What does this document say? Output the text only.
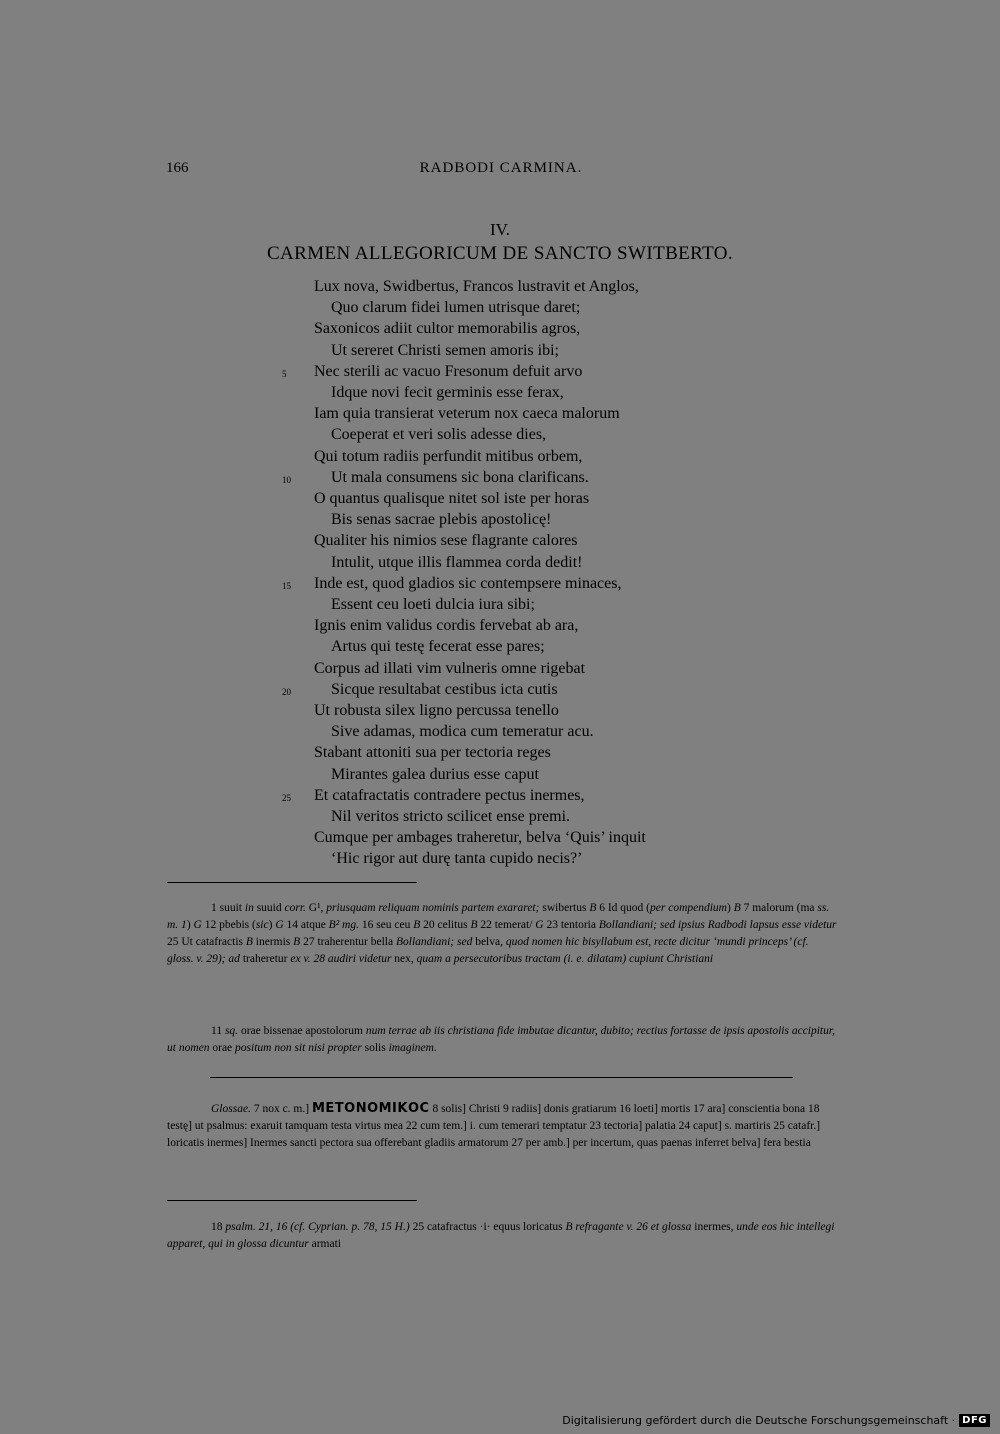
166	RADBODI CARMINA.
IV.
CARMEN ALLEGORICUM DE SANCTO SWITBERTO.
Lux nova, Swidbertus, Francos lustravit et Anglos,
Quo clarum fidei lumen utrisque daret;
Saxonicos adiit cultor memorabilis agros,
Ut sereret Christi semen amoris ibi;
Nec sterili ac vacuo Fresonum defuit arvo
Idque novi fecit germinis esse ferax,
Iam quia transierat veterum nox caeca malorum
Coeperat et veri solis adesse dies,
Qui totum radiis perfundit mitibus orbem,
Ut mala consumens sic bona clarificans.
O quantus qualisque nitet sol iste per horas
Bis senas sacrae plebis apostolicę!
Qualiter his nimios sese flagrante calores
Intulit, utque illis flammea corda dedit!
Inde est, quod gladios sic contempsere minaces,
Essent ceu loeti dulcia iura sibi;
Ignis enim validus cordis fervebat ab ara,
Artus qui testę fecerat esse pares;
Corpus ad illati vim vulneris omne rigebat
Sicque resultabat cestibus icta cutis
Ut robusta silex ligno percussa tenello
Sive adamas, modica cum temeratur acu.
Stabant attoniti sua per tectoria reges
Mirantes galea durius esse caput
Et catafractatis contradere pectus inermes,
Nil veritos stricto scilicet ense premi.
Cumque per ambages traheretur, belva ‘Quis’ inquit
‘Hic rigor aut durę tanta cupido necis?’
5
10
15
20
25
1 suuit in suuid corr. G¹, priusquam reliquam nominis partem exararet; swibertus B 6 Id quod (per compendium) B 7 malorum (ma ss. m. 1) G 12 pbebis (sic) G 14 atque B² mg. 16 seu ceu B 20 celitus B 22 temerat/ G 23 tentoria Bollandiani; sed ipsius Radbodi lapsus esse videtur 25 Ut catafractis B inermis B 27 traherentur bella Bollandiani; sed belva, quod nomen hic bisyllabum est, recte dicitur ‘mundi princeps’ (cf. gloss. v. 29); ad traheretur ex v. 28 audiri videtur nex, quam a persecutoribus tractam (i. e. dilatam) cupiunt Christiani
11 sq. orae bissenae apostolorum num terrae ab iis christiana fide imbutae dicantur, dubito; rectius fortasse de ipsis apostolis accipitur, ut nomen orae positum non sit nisi propter solis imaginem.
Glossae. 7 nox c. m.] ΜΕΤΟΝΟΜΙΚΟC 8 solis] Christi 9 radiis] donis gratiarum 16 loeti] mortis 17 ara] conscientia bona 18 testę] ut psalmus: exaruit tamquam testa virtus mea 22 cum tem.] i. cum temerari temptatur 23 tectoria] palatia 24 caput] s. martiris 25 catafr.] loricatis inermes] Inermes sancti pectora sua offerebant gladiis armatorum 27 per amb.] per incertum, quas paenas inferret belva] fera bestia
18 psalm. 21, 16 (cf. Cyprian. p. 78, 15 H.) 25 catafractus ·i· equus loricatus B refragante v. 26 et glossa inermes, unde eos hic intellegi apparet, qui in glossa dicuntur armati
Digitalisierung gefördert durch die Deutsche Forschungsgemeinschaft · DFG
